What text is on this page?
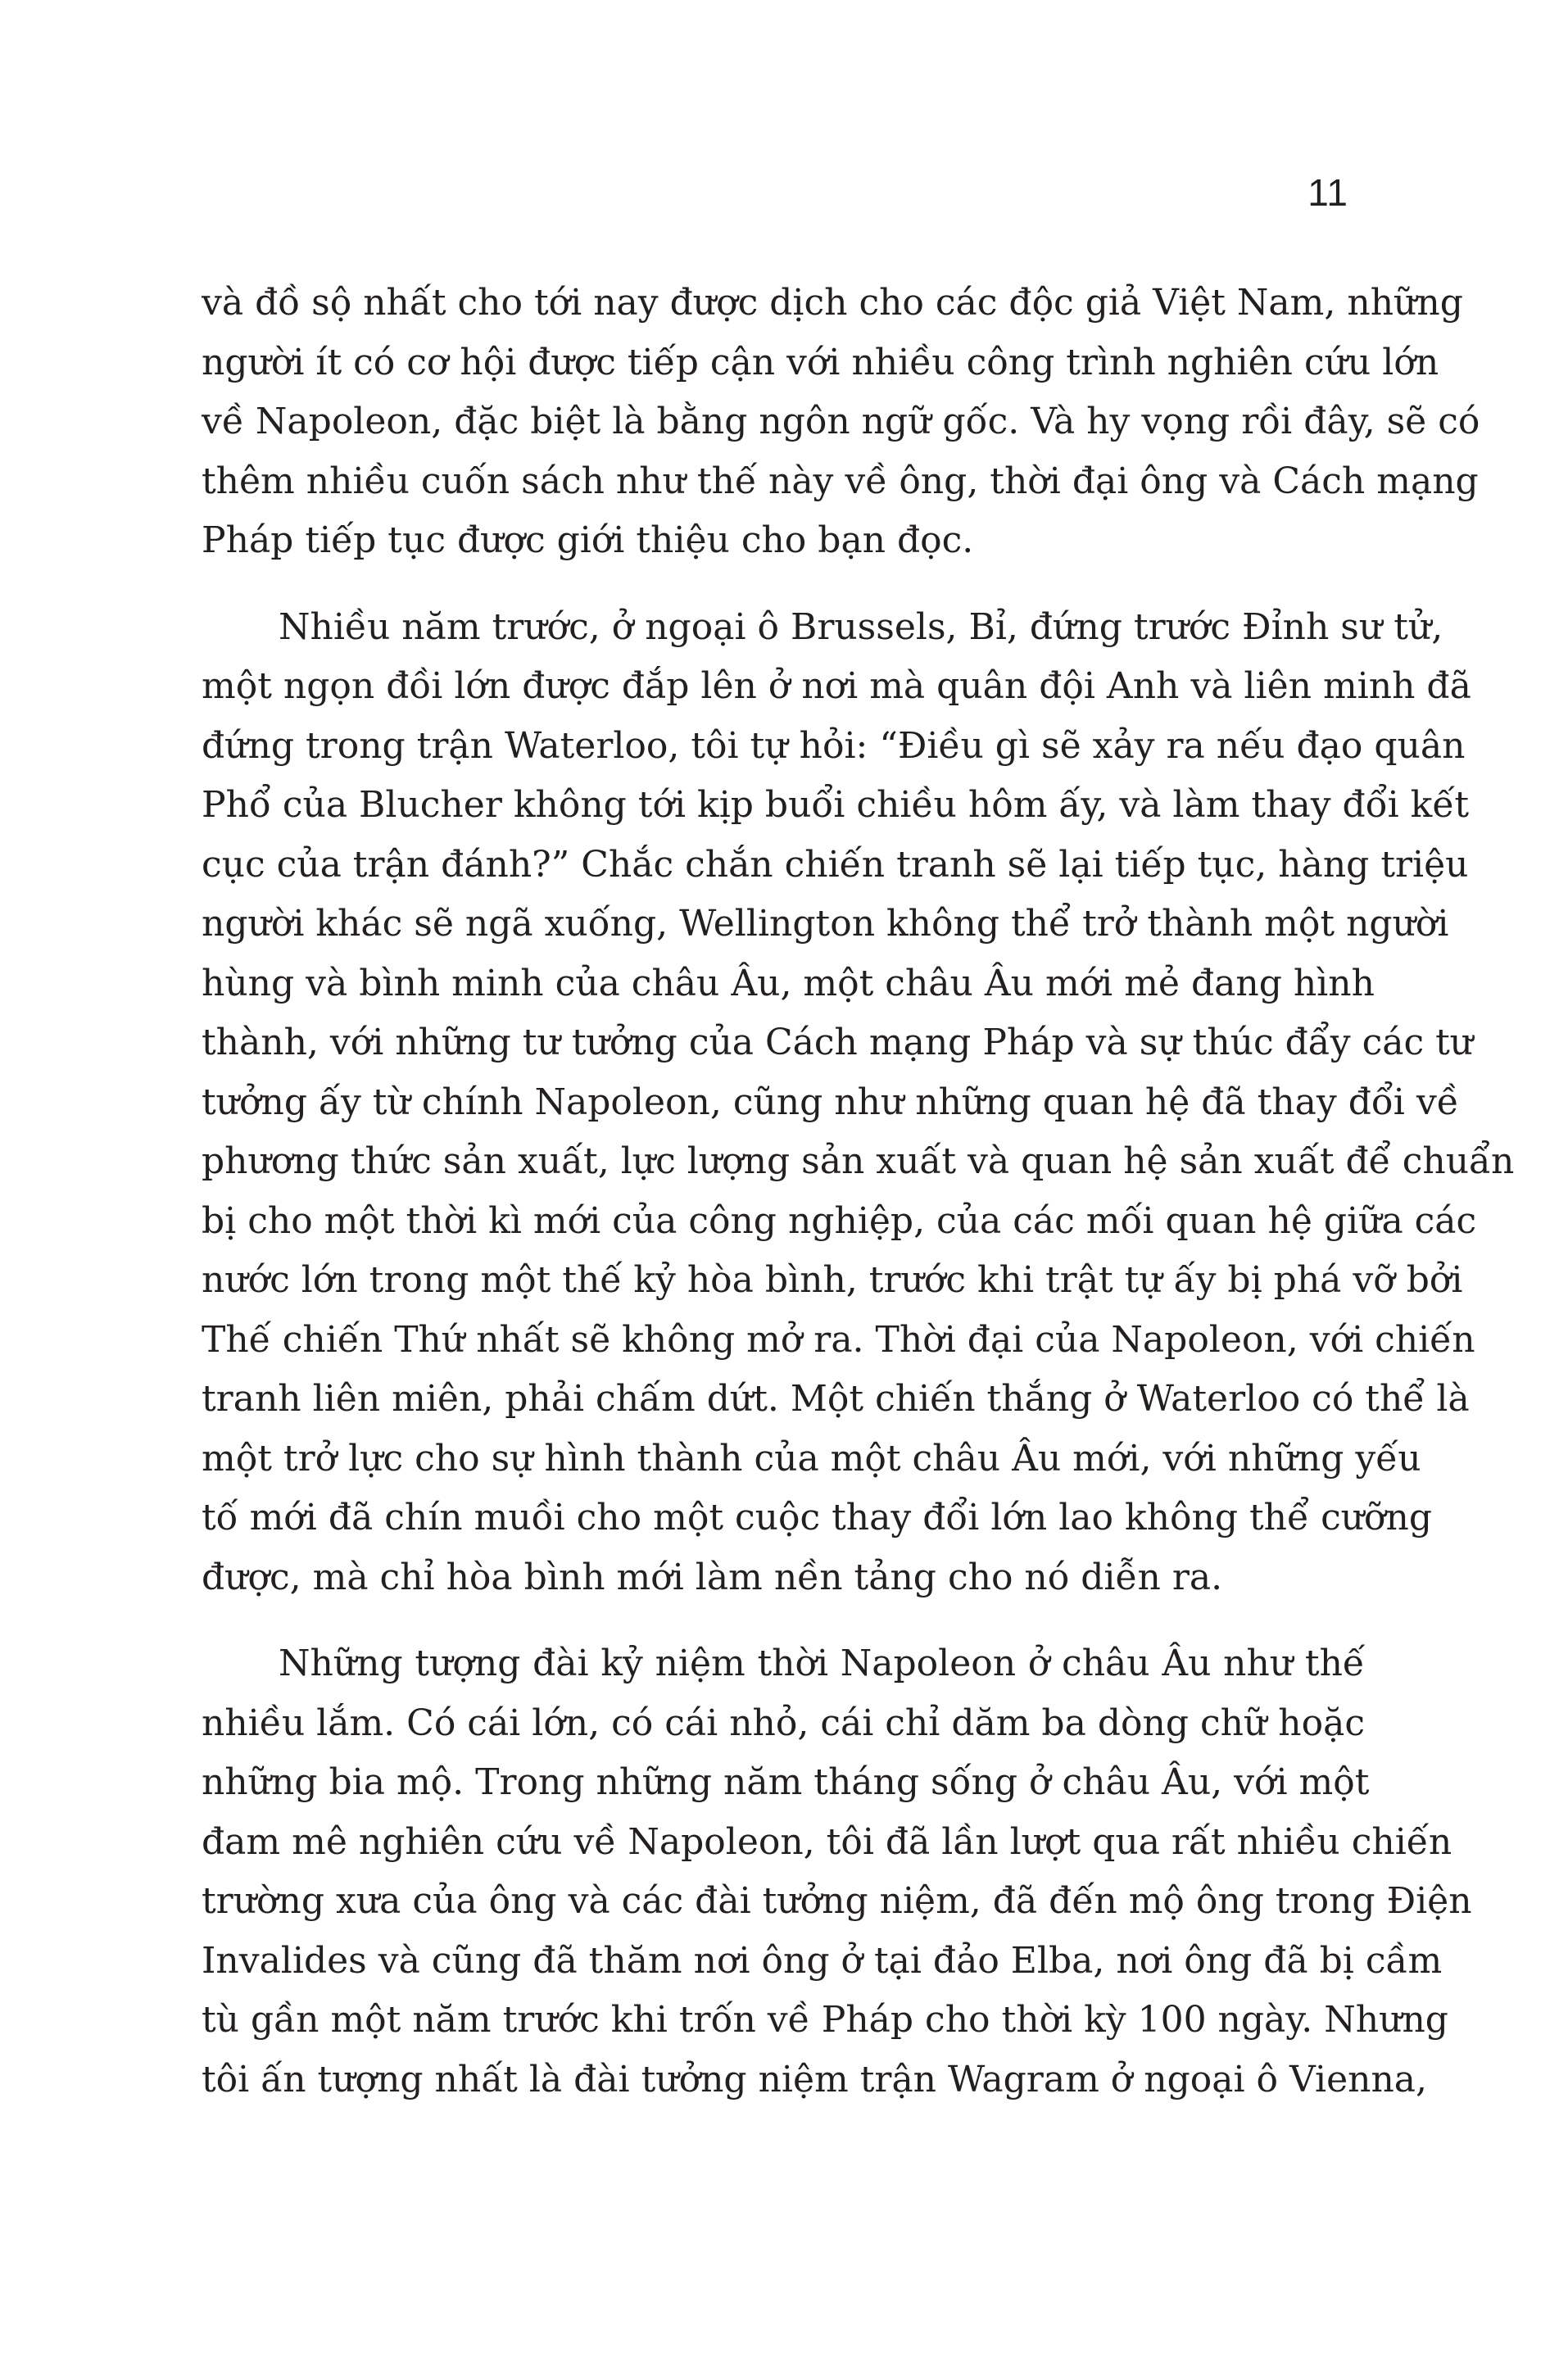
11
và đồ sộ nhất cho tới nay được dịch cho các độc giả Việt Nam, những
người ít có cơ hội được tiếp cận với nhiều công trình nghiên cứu lớn
về Napoleon, đặc biệt là bằng ngôn ngữ gốc. Và hy vọng rồi đây, sẽ có
thêm nhiều cuốn sách như thế này về ông, thời đại ông và Cách mạng
Pháp tiếp tục được giới thiệu cho bạn đọc.
Nhiều năm trước, ở ngoại ô Brussels, Bỉ, đứng trước Đỉnh sư tử,
một ngọn đồi lớn được đắp lên ở nơi mà quân đội Anh và liên minh đã
đứng trong trận Waterloo, tôi tự hỏi: “Điều gì sẽ xảy ra nếu đạo quân
Phổ của Blucher không tới kịp buổi chiều hôm ấy, và làm thay đổi kết
cục của trận đánh?” Chắc chắn chiến tranh sẽ lại tiếp tục, hàng triệu
người khác sẽ ngã xuống, Wellington không thể trở thành một người
hùng và bình minh của châu Âu, một châu Âu mới mẻ đang hình
thành, với những tư tưởng của Cách mạng Pháp và sự thúc đẩy các tư
tưởng ấy từ chính Napoleon, cũng như những quan hệ đã thay đổi về
phương thức sản xuất, lực lượng sản xuất và quan hệ sản xuất để chuẩn
bị cho một thời kì mới của công nghiệp, của các mối quan hệ giữa các
nước lớn trong một thế kỷ hòa bình, trước khi trật tự ấy bị phá vỡ bởi
Thế chiến Thứ nhất sẽ không mở ra. Thời đại của Napoleon, với chiến
tranh liên miên, phải chấm dứt. Một chiến thắng ở Waterloo có thể là
một trở lực cho sự hình thành của một châu Âu mới, với những yếu
tố mới đã chín muồi cho một cuộc thay đổi lớn lao không thể cưỡng
được, mà chỉ hòa bình mới làm nền tảng cho nó diễn ra.
Những tượng đài kỷ niệm thời Napoleon ở châu Âu như thế
nhiều lắm. Có cái lớn, có cái nhỏ, cái chỉ dăm ba dòng chữ hoặc
những bia mộ. Trong những năm tháng sống ở châu Âu, với một
đam mê nghiên cứu về Napoleon, tôi đã lần lượt qua rất nhiều chiến
trường xưa của ông và các đài tưởng niệm, đã đến mộ ông trong Điện
Invalides và cũng đã thăm nơi ông ở tại đảo Elba, nơi ông đã bị cầm
tù gần một năm trước khi trốn về Pháp cho thời kỳ 100 ngày. Nhưng
tôi ấn tượng nhất là đài tưởng niệm trận Wagram ở ngoại ô Vienna,
